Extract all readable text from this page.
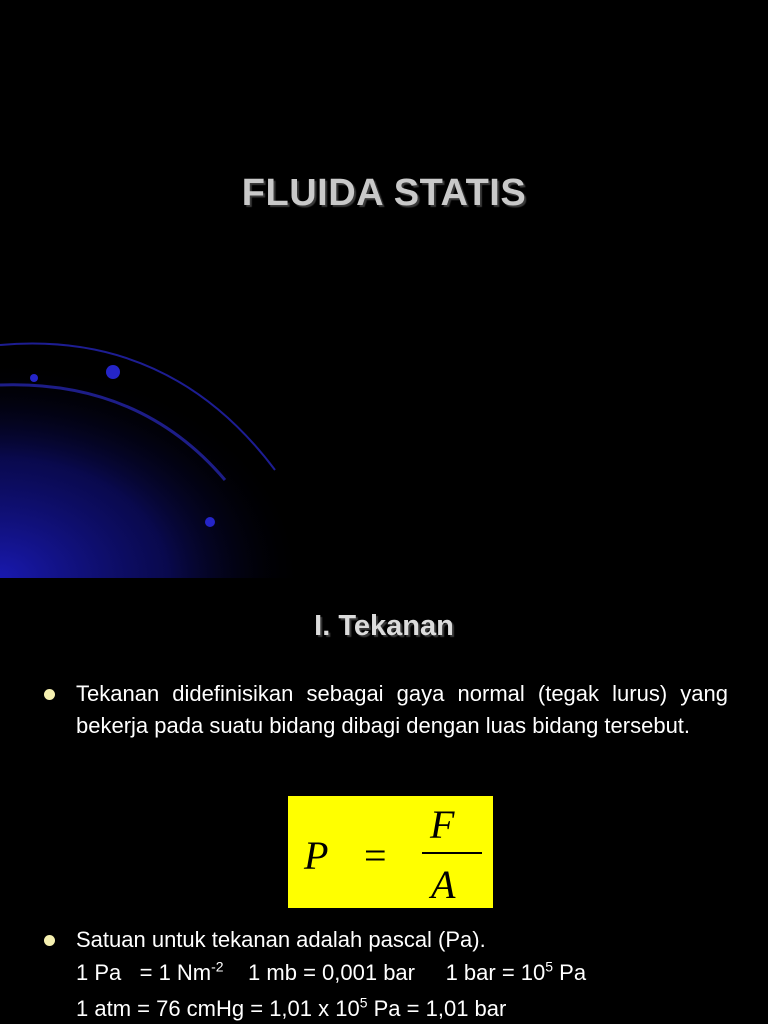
FLUIDA STATIS
I. Tekanan
Tekanan didefinisikan sebagai gaya normal (tegak lurus) yang bekerja pada suatu bidang dibagi dengan luas bidang tersebut.
P =
F
A
Satuan untuk tekanan adalah pascal (Pa).
1 Pa = 1 $Nm^{-2}$ 1 mb = 0,001 bar 1 bar = $10^5$ Pa
1 atm = 76 cmHg = 1,01 x $10^5$ Pa = 1,01 bar
